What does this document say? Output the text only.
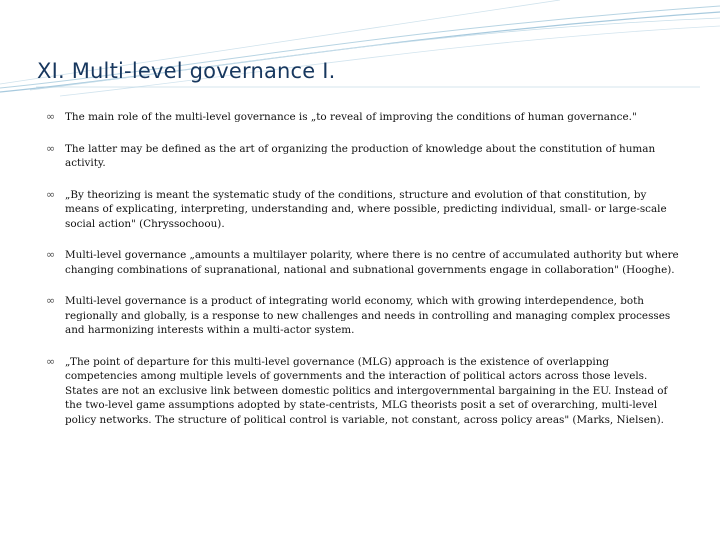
XI. Multi-level governance I.
∞ The main role of the multi-level governance is „to reveal of improving the conditions of human governance."
∞ The latter may be defined as the art of organizing the production of knowledge about the constitution of human activity.
∞ „By theorizing is meant the systematic study of the conditions, structure and evolution of that constitution, by means of explicating, interpreting, understanding and, where possible, predicting individual, small- or large-scale social action" (Chryssochoou).
∞ Multi-level governance „amounts a multilayer polarity, where there is no centre of accumulated authority but where changing combinations of supranational, national and subnational governments engage in collaboration" (Hooghe).
∞ Multi-level governance is a product of integrating world economy, which with growing interdependence, both regionally and globally, is a response to new challenges and needs in controlling and managing complex processes and harmonizing interests within a multi-actor system.
∞ „The point of departure for this multi-level governance (MLG) approach is the existence of overlapping competencies among multiple levels of governments and the interaction of political actors across those levels. States are not an exclusive link between domestic politics and intergovernmental bargaining in the EU. Instead of the two-level game assumptions adopted by state-centrists, MLG theorists posit a set of overarching, multi-level policy networks. The structure of political control is variable, not constant, across policy areas" (Marks, Nielsen).
